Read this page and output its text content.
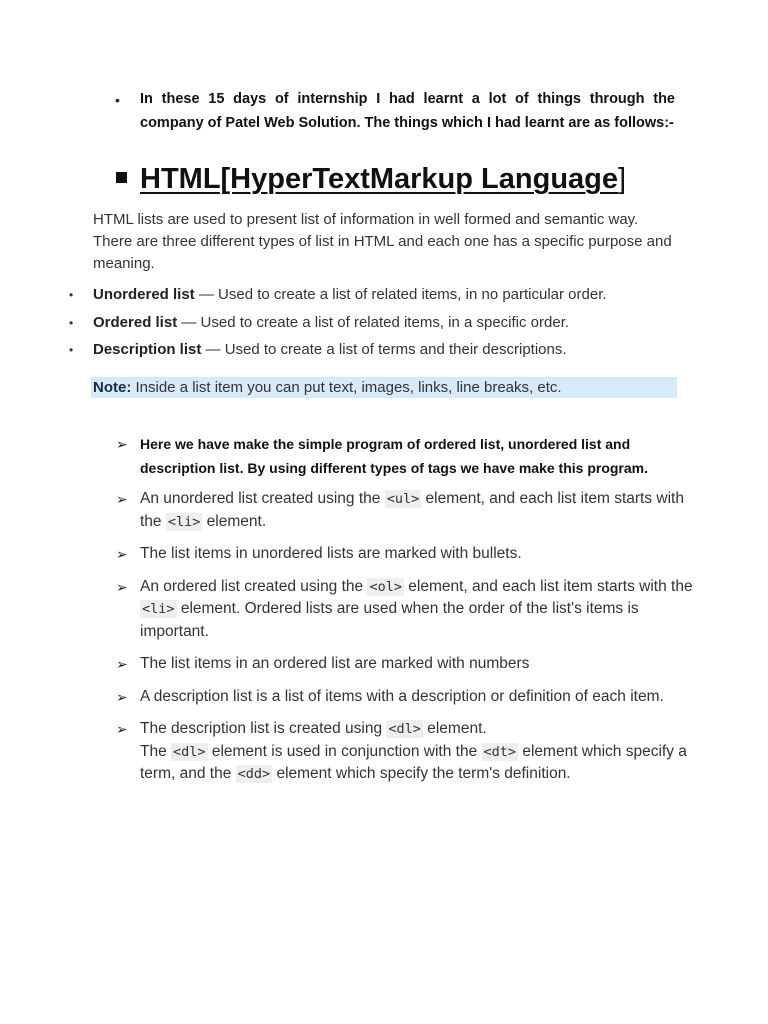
• In these 15 days of internship I had learnt a lot of things through the company of Patel Web Solution. The things which I had learnt are as follows:-

HTML[HyperTextMarkup Language]

HTML lists are used to present list of information in well formed and semantic way. There are three different types of list in HTML and each one has a specific purpose and meaning.

• Unordered list — Used to create a list of related items, in no particular order.
• Ordered list — Used to create a list of related items, in a specific order.
• Description list — Used to create a list of terms and their descriptions.
Note: Inside a list item you can put text, images, links, line breaks, etc.
➢ Here we have make the simple program of ordered list, unordered list and description list. By using different types of tags we have make this program.
➢ An unordered list created using the <ul> element, and each list item starts with the <li> element.
➢ The list items in unordered lists are marked with bullets.
➢ An ordered list created using the <ol> element, and each list item starts with the <li> element. Ordered lists are used when the order of the list's items is important.
➢ The list items in an ordered list are marked with numbers
➢ A description list is a list of items with a description or definition of each item.
➢ The description list is created using <dl> element.
The <dl> element is used in conjunction with the <dt> element which specify a term, and the <dd> element which specify the term's definition.
